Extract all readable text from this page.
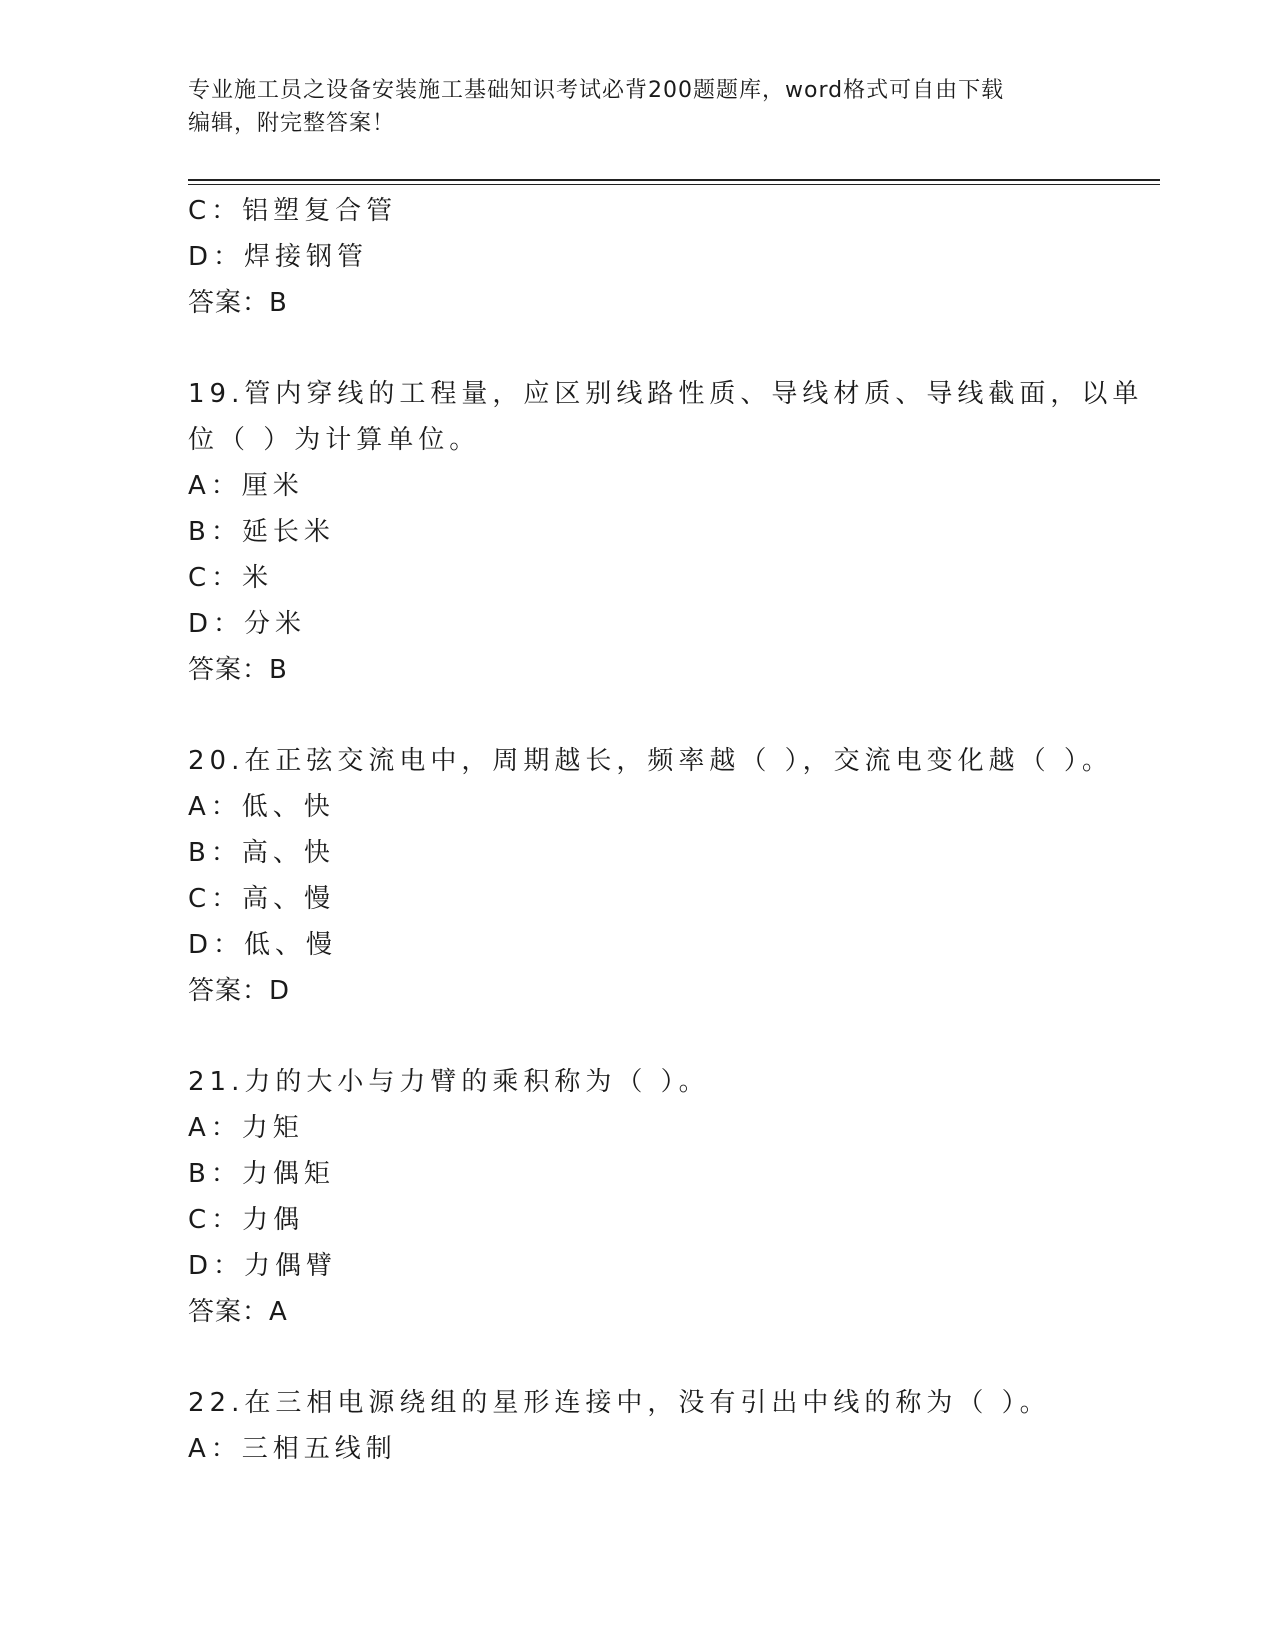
专业施工员之设备安装施工基础知识考试必背200题题库，word格式可自由下载
编辑，附完整答案！
C：铝塑复合管
D：焊接钢管
答案：B
19.管内穿线的工程量，应区别线路性质、导线材质、导线截面，以单
位（ ）为计算单位。
A：厘米
B：延长米
C：米
D：分米
答案：B
20.在正弦交流电中，周期越长，频率越（ ），交流电变化越（ ）。
A：低、快
B：高、快
C：高、慢
D：低、慢
答案：D
21.力的大小与力臂的乘积称为（ ）。
A：力矩
B：力偶矩
C：力偶
D：力偶臂
答案：A
22.在三相电源绕组的星形连接中，没有引出中线的称为（ ）。
A：三相五线制
